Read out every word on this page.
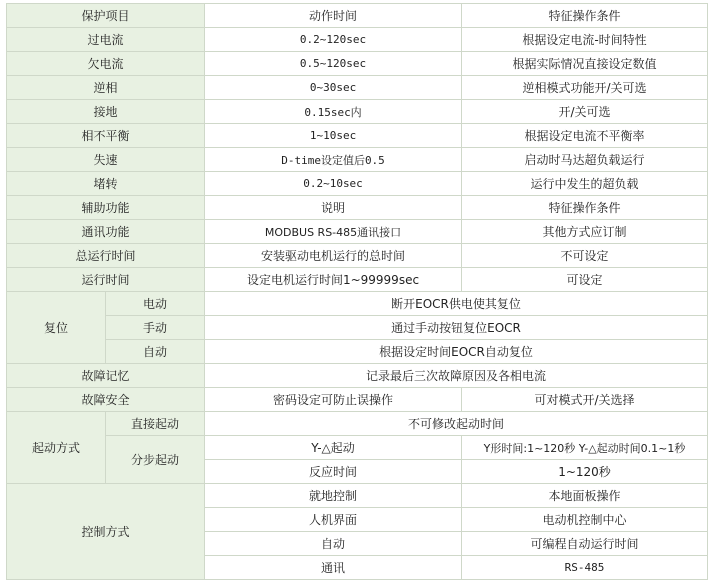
保护项目		动作时间	特征操作条件
过电流		0.2~120sec	根据设定电流-时间特性
欠电流		0.5~120sec	根据实际情况直接设定数值
逆相		0~30sec	逆相模式功能开/关可选
接地		0.15sec内	开/关可选
相不平衡		1~10sec	根据设定电流不平衡率
失速		D-time设定值后0.5	启动时马达超负载运行
堵转		0.2~10sec	运行中发生的超负载
辅助功能		说明	特征操作条件
通讯功能		MODBUS RS-485通讯接口	其他方式应订制
总运行时间		安装驱动电机运行的总时间	不可设定
运行时间		设定电机运行时间1~99999sec	可设定
复位	电动	断开EOCR供电使其复位	
	手动	通过手动按钮复位EOCR	
	自动	根据设定时间EOCR自动复位	
故障记忆		记录最后三次故障原因及各相电流	
故障安全		密码设定可防止误操作	可对模式开/关选择
起动方式	直接起动	不可修改起动时间	
	分步起动	Y-△起动	Y形时间:1~120秒 Y-△起动时间0.1~1秒
		反应时间	1~120秒
控制方式		就地控制	本地面板操作
		人机界面	电动机控制中心
		自动	可编程自动运行时间
		通讯	RS-485
